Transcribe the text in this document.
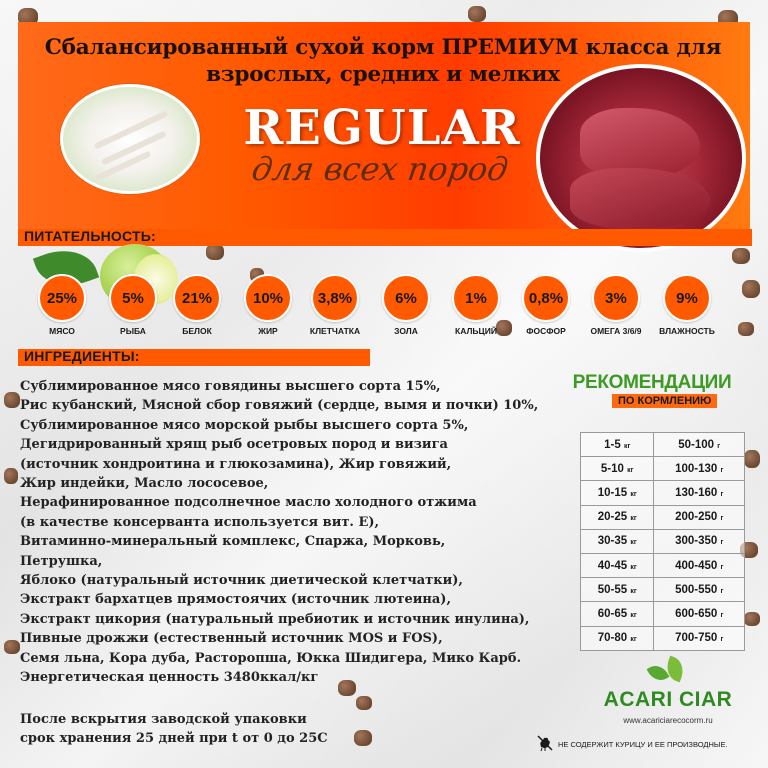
Сбалансированный сухой корм ПРЕМИУМ класса для
взрослых, средних и мелких
REGULAR
для всех пород
ПИТАТЕЛЬНОСТЬ:
25%
МЯСО
5%
РЫБА
21%
БЕЛОК
10%
ЖИР
3,8%
КЛЕТЧАТКА
6%
ЗОЛА
1%
КАЛЬЦИЙ
0,8%
ФОСФОР
3%
ОМЕГА 3/6/9
9%
ВЛАЖНОСТЬ
ИНГРЕДИЕНТЫ:
Сублимированное мясо говядины высшего сорта 15%,
Рис кубанский, Мясной сбор говяжий (сердце, вымя и почки) 10%,
Сублимированное мясо морской рыбы высшего сорта 5%,
Дегидрированный хрящ рыб осетровых пород и визига
(источник хондроитина и глюкозамина), Жир говяжий,
Жир индейки, Масло лососевое,
Нерафинированное подсолнечное масло холодного отжима
(в качестве консерванта используется вит. Е),
Витаминно-минеральный комплекс, Спаржа, Морковь,
Петрушка,
Яблоко (натуральный источник диетической клетчатки),
Экстракт бархатцев прямостоячих (источник лютеина),
Экстракт цикория (натуральный пребиотик и источник инулина),
Пивные дрожжи (естественный источник MOS и FOS),
Семя льна, Кора дуба, Расторопша, Юкка Шидигера, Мико Карб.
Энергетическая ценность 3480ккал/кг
После вскрытия заводской упаковки
срок хранения 25 дней при t от 0 до 25С
РЕКОМЕНДАЦИИ
ПО КОРМЛЕНИЮ
1-5 кг	50-100 г
5-10 кг	100-130 г
10-15 кг	130-160 г
20-25 кг	200-250 г
30-35 кг	300-350 г
40-45 кг	400-450 г
50-55 кг	500-550 г
60-65 кг	600-650 г
70-80 кг	700-750 г
ACARI CIAR
www.acariciarecocorm.ru
НЕ СОДЕРЖИТ КУРИЦУ И ЕЕ ПРОИЗВОДНЫЕ.
